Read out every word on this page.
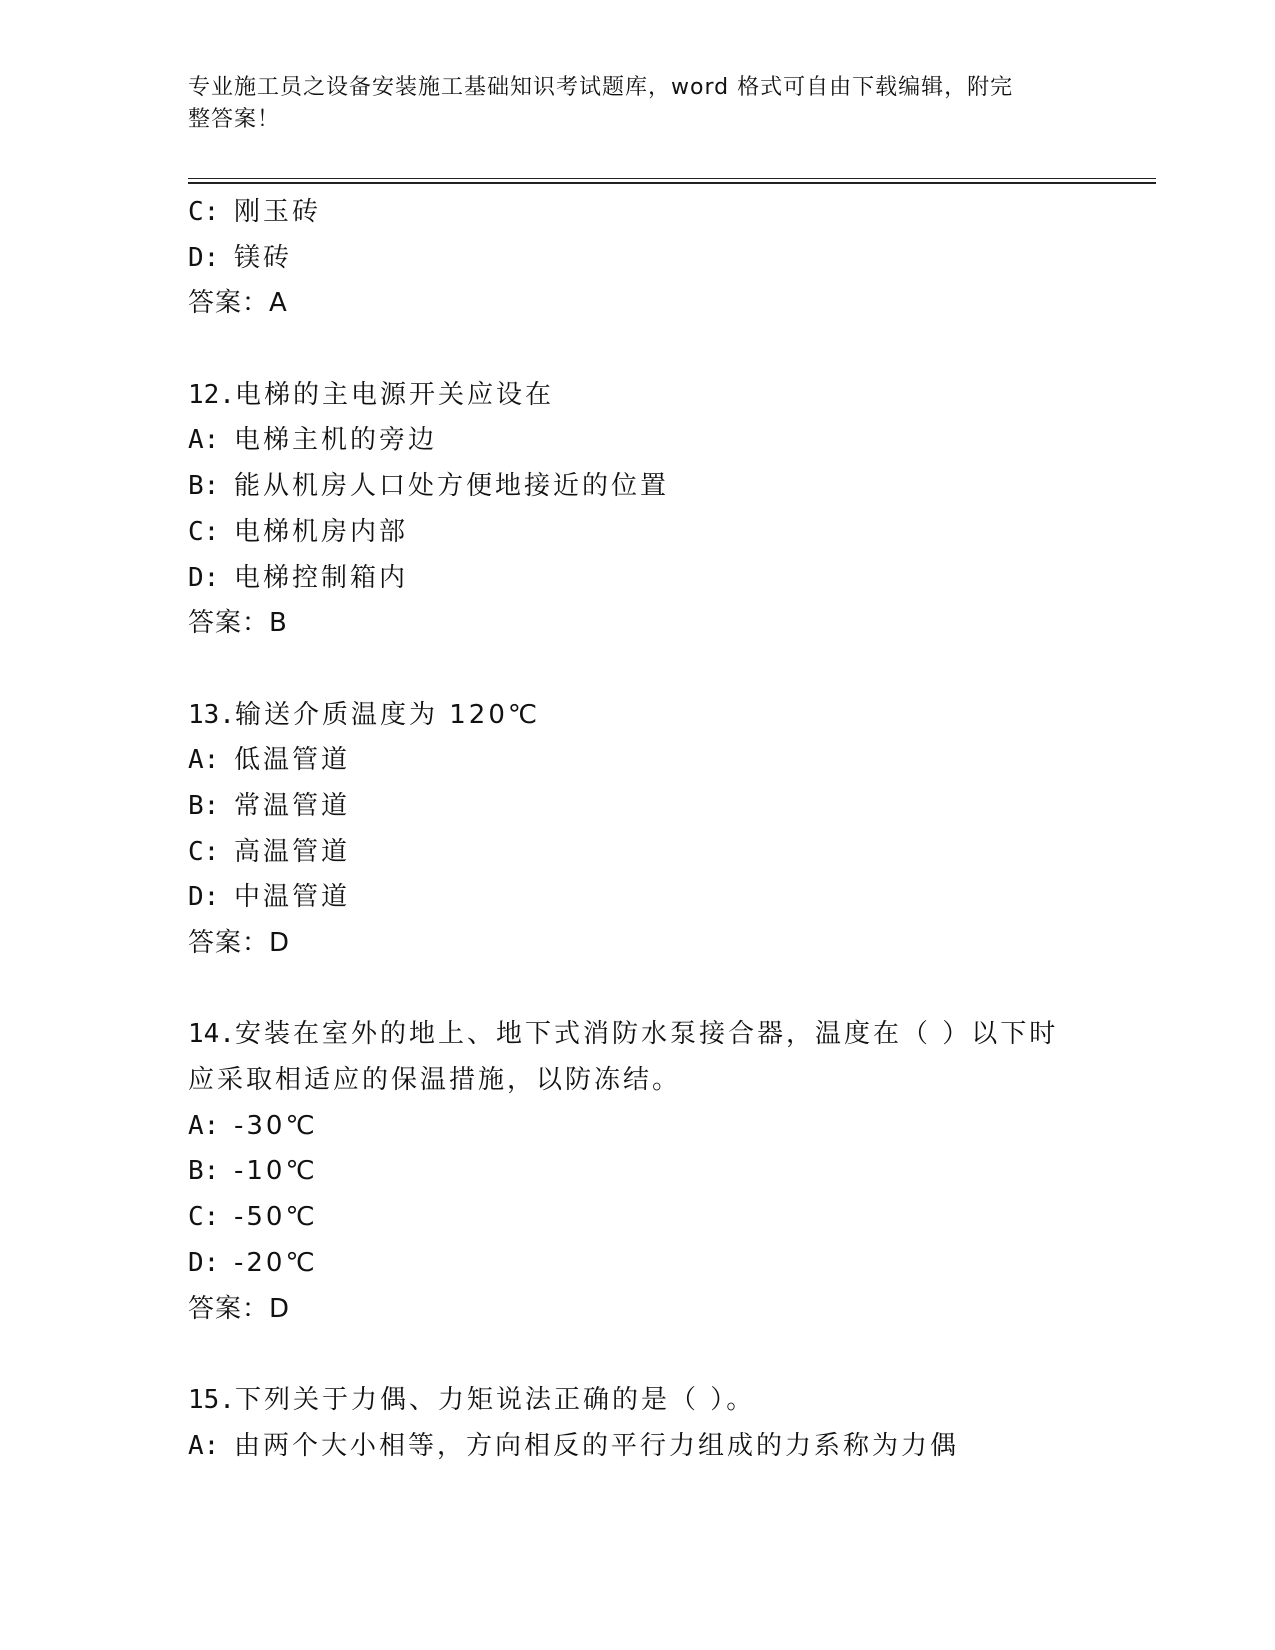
专业施工员之设备安装施工基础知识考试题库，word 格式可自由下载编辑，附完
整答案！
C: 刚玉砖
D: 镁砖
答案：A
12.电梯的主电源开关应设在
A: 电梯主机的旁边
B: 能从机房人口处方便地接近的位置
C: 电梯机房内部
D: 电梯控制箱内
答案：B
13.输送介质温度为 120℃
A: 低温管道
B: 常温管道
C: 高温管道
D: 中温管道
答案：D
14.安装在室外的地上、地下式消防水泵接合器，温度在（ ）以下时
应采取相适应的保温措施，以防冻结。
A: -30℃
B: -10℃
C: -50℃
D: -20℃
答案：D
15.下列关于力偶、力矩说法正确的是（ ）。
A: 由两个大小相等，方向相反的平行力组成的力系称为力偶
